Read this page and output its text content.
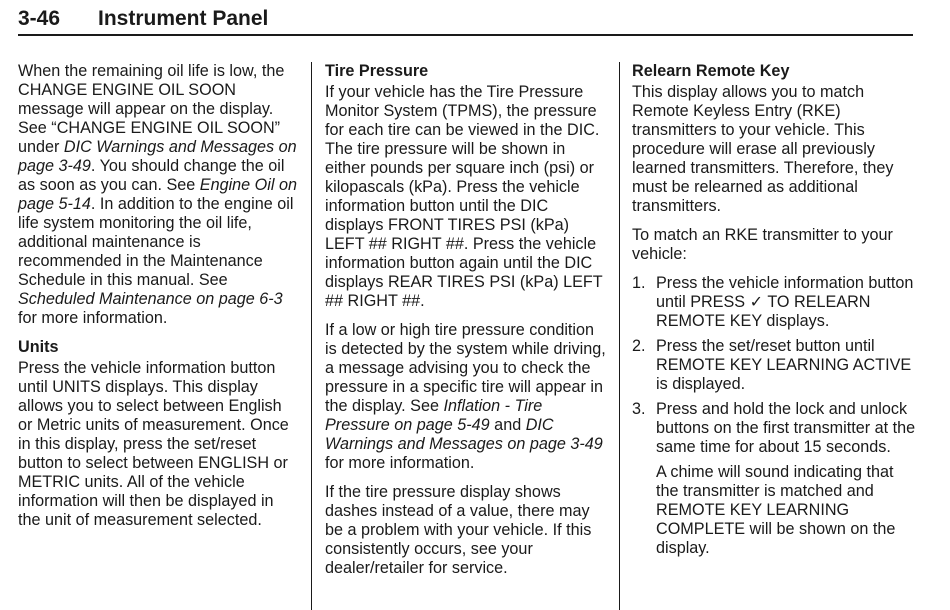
3-46 Instrument Panel

When the remaining oil life is low, the CHANGE ENGINE OIL SOON message will appear on the display. See “CHANGE ENGINE OIL SOON” under DIC Warnings and Messages on page 3-49. You should change the oil as soon as you can. See Engine Oil on page 5-14. In addition to the engine oil life system monitoring the oil life, additional maintenance is recommended in the Maintenance Schedule in this manual. See Scheduled Maintenance on page 6-3 for more information.

Units

Press the vehicle information button until UNITS displays. This display allows you to select between English or Metric units of measurement. Once in this display, press the set/reset button to select between ENGLISH or METRIC units. All of the vehicle information will then be displayed in the unit of measurement selected.

Tire Pressure

If your vehicle has the Tire Pressure Monitor System (TPMS), the pressure for each tire can be viewed in the DIC. The tire pressure will be shown in either pounds per square inch (psi) or kilopascals (kPa). Press the vehicle information button until the DIC displays FRONT TIRES PSI (kPa) LEFT ## RIGHT ##. Press the vehicle information button again until the DIC displays REAR TIRES PSI (kPa) LEFT ## RIGHT ##.

If a low or high tire pressure condition is detected by the system while driving, a message advising you to check the pressure in a specific tire will appear in the display. See Inflation - Tire Pressure on page 5-49 and DIC Warnings and Messages on page 3-49 for more information.

If the tire pressure display shows dashes instead of a value, there may be a problem with your vehicle. If this consistently occurs, see your dealer/retailer for service.

Relearn Remote Key

This display allows you to match Remote Keyless Entry (RKE) transmitters to your vehicle. This procedure will erase all previously learned transmitters. Therefore, they must be relearned as additional transmitters.

To match an RKE transmitter to your vehicle:

1. Press the vehicle information button until PRESS ✓ TO RELEARN REMOTE KEY displays.
2. Press the set/reset button until REMOTE KEY LEARNING ACTIVE is displayed.
3. Press and hold the lock and unlock buttons on the first transmitter at the same time for about 15 seconds.

A chime will sound indicating that the transmitter is matched and REMOTE KEY LEARNING COMPLETE will be shown on the display.
